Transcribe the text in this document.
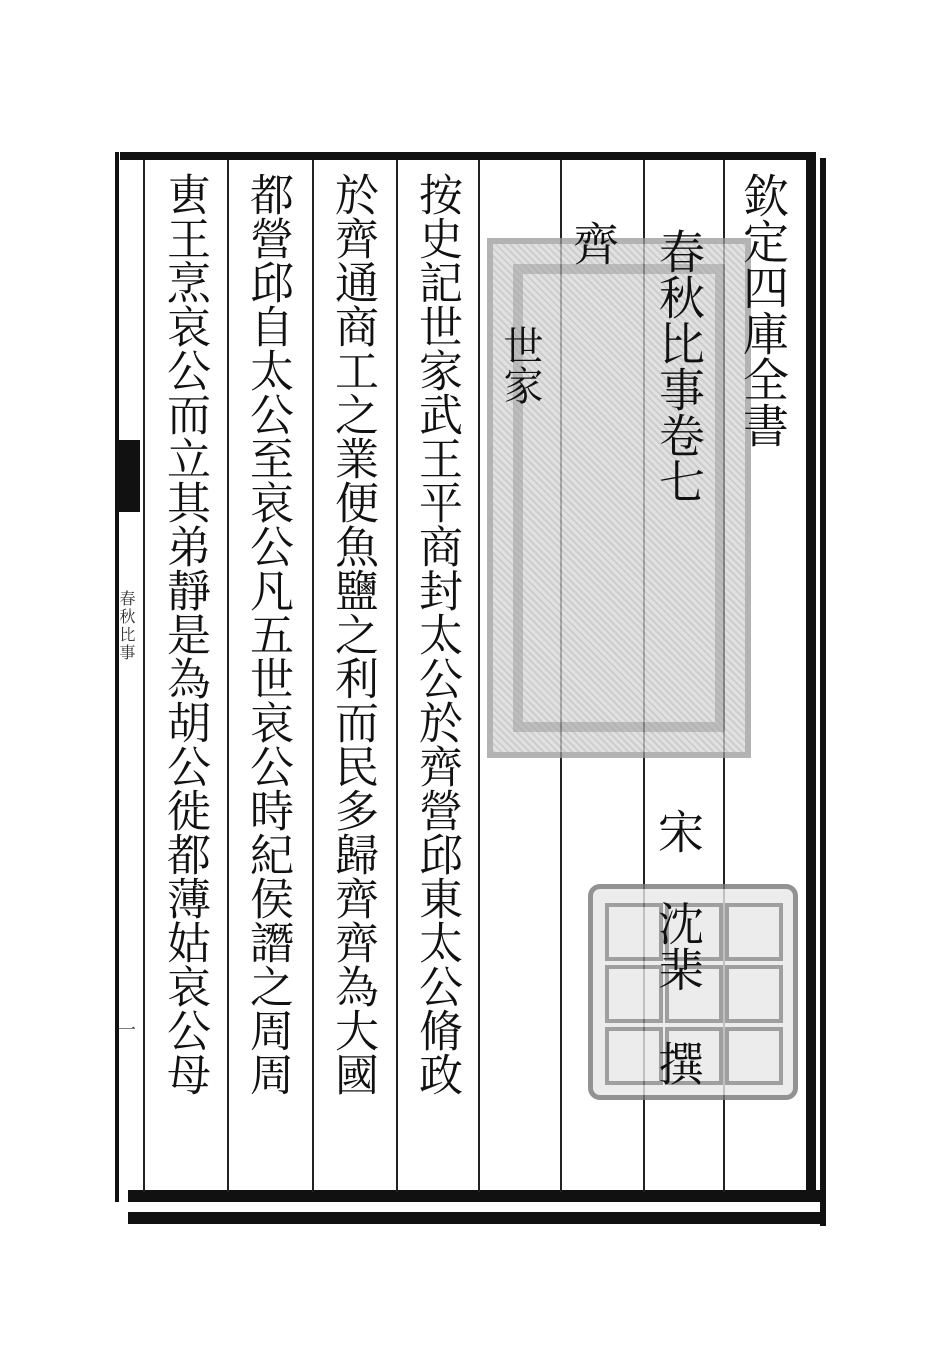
春秋比事
一
欽定四庫全書
春秋比事卷七
宋
沈棐
撰
齊
世家
按史記世家武王平商封太公於齊營邱東太公脩政
於齊通商工之業便魚鹽之利而民多歸齊齊為大國
都營邱自太公至哀公凡五世哀公時紀侯譖之周周
叀王烹哀公而立其弟靜是為胡公徙都薄姑哀公母
